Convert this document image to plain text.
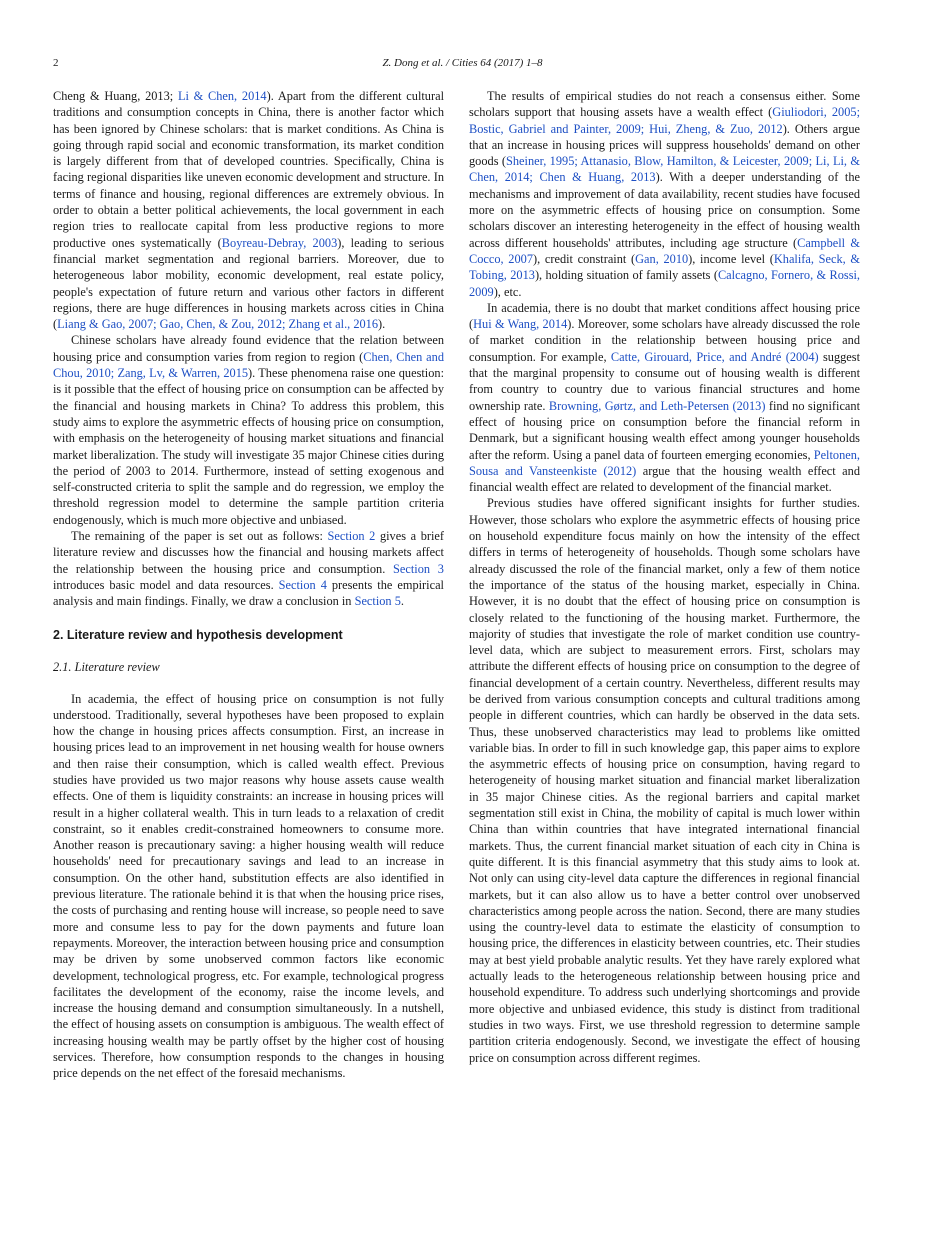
2	Z. Dong et al. / Cities 64 (2017) 1–8

Cheng & Huang, 2013; Li & Chen, 2014). Apart from the different cultural traditions and consumption concepts in China, there is another factor which has been ignored by Chinese scholars: that is market conditions. As China is going through rapid social and economic transformation, its market condition is largely different from that of developed countries. Specifically, China is facing regional disparities like uneven economic development and structure. In terms of finance and housing, regional differences are extremely obvious. In order to obtain a better political achievements, the local government in each region tries to reallocate capital from less productive regions to more productive ones systematically (Boyreau-Debray, 2003), leading to serious financial market segmentation and regional barriers. Moreover, due to heterogeneous labor mobility, economic development, real estate policy, people's expectation of future return and various other factors in different regions, there are huge differences in housing markets across cities in China (Liang & Gao, 2007; Gao, Chen, & Zou, 2012; Zhang et al., 2016).

Chinese scholars have already found evidence that the relation between housing price and consumption varies from region to region (Chen, Chen and Chou, 2010; Zang, Lv, & Warren, 2015). These phenomena raise one question: is it possible that the effect of housing price on consumption can be affected by the financial and housing markets in China? To address this problem, this study aims to explore the asymmetric effects of housing price on consumption, with emphasis on the heterogeneity of housing market situations and financial market liberalization. The study will investigate 35 major Chinese cities during the period of 2003 to 2014. Furthermore, instead of setting exogenous and self-constructed criteria to split the sample and do regression, we employ the threshold regression model to determine the sample partition criteria endogenously, which is much more objective and unbiased.

The remaining of the paper is set out as follows: Section 2 gives a brief literature review and discusses how the financial and housing markets affect the relationship between the housing price and consumption. Section 3 introduces basic model and data resources. Section 4 presents the empirical analysis and main findings. Finally, we draw a conclusion in Section 5.

2. Literature review and hypothesis development
2.1. Literature review

In academia, the effect of housing price on consumption is not fully understood. Traditionally, several hypotheses have been proposed to explain how the change in housing prices affects consumption. First, an increase in housing prices lead to an improvement in net housing wealth for house owners and then raise their consumption, which is called wealth effect. Previous studies have provided us two major reasons why house assets cause wealth effects. One of them is liquidity constraints: an increase in housing prices will result in a higher collateral wealth. This in turn leads to a relaxation of credit constraint, so it enables credit-constrained homeowners to consume more. Another reason is precautionary saving: a higher housing wealth will reduce households' need for precautionary savings and lead to an increase in consumption. On the other hand, substitution effects are also identified in previous literature. The rationale behind it is that when the housing price rises, the costs of purchasing and renting house will increase, so people need to save more and consume less to pay for the down payments and future loan repayments. Moreover, the interaction between housing price and consumption may be driven by some unobserved common factors like economic development, technological progress, etc. For example, technological progress facilitates the development of the economy, raise the income levels, and increase the housing demand and consumption simultaneously. In a nutshell, the effect of housing assets on consumption is ambiguous. The wealth effect of increasing housing wealth may be partly offset by the higher cost of housing services. Therefore, how consumption responds to the changes in housing price depends on the net effect of the foresaid mechanisms.

The results of empirical studies do not reach a consensus either. Some scholars support that housing assets have a wealth effect (Giuliodori, 2005; Bostic, Gabriel and Painter, 2009; Hui, Zheng, & Zuo, 2012). Others argue that an increase in housing prices will suppress households' demand on other goods (Sheiner, 1995; Attanasio, Blow, Hamilton, & Leicester, 2009; Li, Li, & Chen, 2014; Chen & Huang, 2013). With a deeper understanding of the mechanisms and improvement of data availability, recent studies have focused more on the asymmetric effects of housing price on consumption. Some scholars discover an interesting heterogeneity in the effect of housing wealth across different households' attributes, including age structure (Campbell & Cocco, 2007), credit constraint (Gan, 2010), income level (Khalifa, Seck, & Tobing, 2013), holding situation of family assets (Calcagno, Fornero, & Rossi, 2009), etc.

In academia, there is no doubt that market conditions affect housing price (Hui & Wang, 2014). Moreover, some scholars have already discussed the role of market condition in the relationship between housing price and consumption. For example, Catte, Girouard, Price, and André (2004) suggest that the marginal propensity to consume out of housing wealth is different from country to country due to various financial structures and home ownership rate. Browning, Gørtz, and Leth-Petersen (2013) find no significant effect of housing price on consumption before the financial reform in Denmark, but a significant housing wealth effect among younger households after the reform. Using a panel data of fourteen emerging economies, Peltonen, Sousa and Vansteenkiste (2012) argue that the housing wealth effect and financial wealth effect are related to development of the financial market.

Previous studies have offered significant insights for further studies. However, those scholars who explore the asymmetric effects of housing price on household expenditure focus mainly on how the intensity of the effect differs in terms of heterogeneity of households. Though some scholars have already discussed the role of the financial market, only a few of them notice the importance of the status of the housing market, especially in China. However, it is no doubt that the effect of housing price on consumption is closely related to the functioning of the housing market. Furthermore, the majority of studies that investigate the role of market condition use country-level data, which are subject to measurement errors. First, scholars may attribute the different effects of housing price on consumption to the degree of financial development of a certain country. Nevertheless, different results may be derived from various consumption concepts and cultural traditions among people in different countries, which can hardly be observed in the data sets. Thus, these unobserved characteristics may lead to problems like omitted variable bias. In order to fill in such knowledge gap, this paper aims to explore the asymmetric effects of housing price on consumption, having regard to heterogeneity of housing market situation and financial market liberalization in 35 major Chinese cities. As the regional barriers and capital market segmentation still exist in China, the mobility of capital is much lower within China than within countries that have integrated international financial markets. Thus, the current financial market situation of each city in China is quite different. It is this financial asymmetry that this study aims to look at. Not only can using city-level data capture the differences in regional financial markets, but it can also allow us to have a better control over unobserved characteristics among people across the nation. Second, there are many studies using the country-level data to estimate the elasticity of consumption to housing price, the differences in elasticity between countries, etc. Their studies may at best yield probable analytic results. Yet they have rarely explored what actually leads to the heterogeneous relationship between housing price and household expenditure. To address such underlying shortcomings and provide more objective and unbiased evidence, this study is distinct from traditional studies in two ways. First, we use threshold regression to determine sample partition criteria endogenously. Second, we investigate the effect of housing price on consumption across different regimes.
